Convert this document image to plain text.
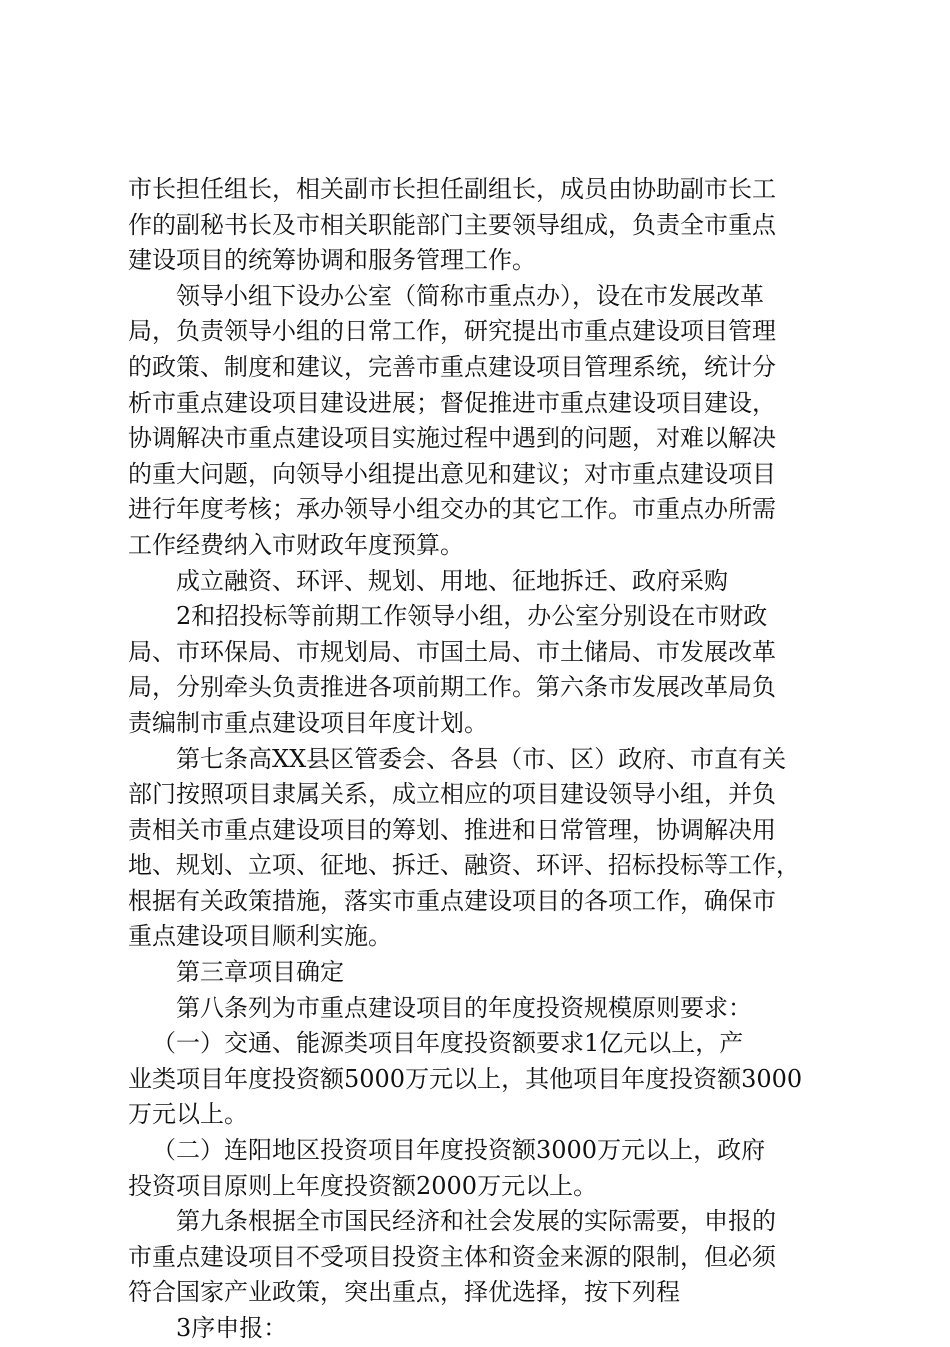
市长担任组长，相关副市长担任副组长，成员由协助副市长工
作的副秘书长及市相关职能部门主要领导组成，负责全市重点
建设项目的统筹协调和服务管理工作。
领导小组下设办公室（简称市重点办），设在市发展改革
局，负责领导小组的日常工作，研究提出市重点建设项目管理
的政策、制度和建议，完善市重点建设项目管理系统，统计分
析市重点建设项目建设进展；督促推进市重点建设项目建设，
协调解决市重点建设项目实施过程中遇到的问题，对难以解决
的重大问题，向领导小组提出意见和建议；对市重点建设项目
进行年度考核；承办领导小组交办的其它工作。市重点办所需
工作经费纳入市财政年度预算。
成立融资、环评、规划、用地、征地拆迁、政府采购
2和招投标等前期工作领导小组，办公室分别设在市财政
局、市环保局、市规划局、市国土局、市土储局、市发展改革
局，分别牵头负责推进各项前期工作。第六条市发展改革局负
责编制市重点建设项目年度计划。
第七条高XX县区管委会、各县（市、区）政府、市直有关
部门按照项目隶属关系，成立相应的项目建设领导小组，并负
责相关市重点建设项目的筹划、推进和日常管理，协调解决用
地、规划、立项、征地、拆迁、融资、环评、招标投标等工作，
根据有关政策措施，落实市重点建设项目的各项工作，确保市
重点建设项目顺利实施。
第三章项目确定
第八条列为市重点建设项目的年度投资规模原则要求：
（一）交通、能源类项目年度投资额要求1亿元以上，产
业类项目年度投资额5000万元以上，其他项目年度投资额3000
万元以上。
（二）连阳地区投资项目年度投资额3000万元以上，政府
投资项目原则上年度投资额2000万元以上。
第九条根据全市国民经济和社会发展的实际需要，申报的
市重点建设项目不受项目投资主体和资金来源的限制，但必须
符合国家产业政策，突出重点，择优选择，按下列程
3序申报：
